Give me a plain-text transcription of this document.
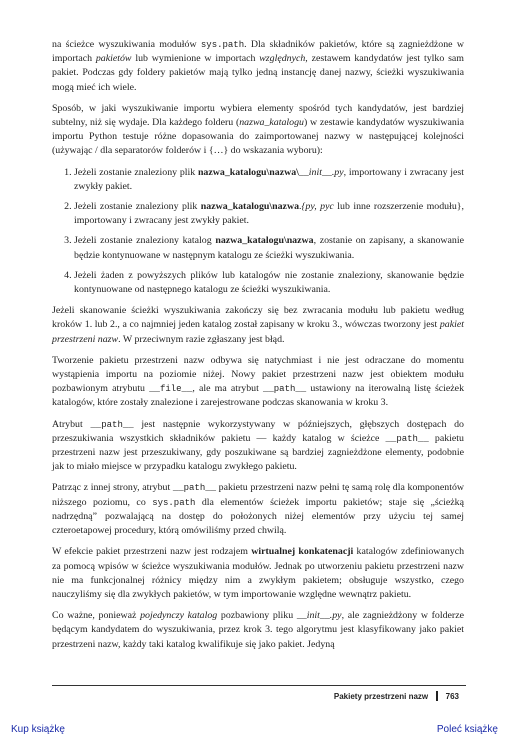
na ścieżce wyszukiwania modułów sys.path. Dla składników pakietów, które są zagnieżdżone w importach pakietów lub wymienione w importach względnych, zestawem kandydatów jest tylko sam pakiet. Podczas gdy foldery pakietów mają tylko jedną instancję danej nazwy, ścieżki wyszukiwania mogą mieć ich wiele.

Sposób, w jaki wyszukiwanie importu wybiera elementy spośród tych kandydatów, jest bardziej subtelny, niż się wydaje. Dla każdego folderu (nazwa_katalogu) w zestawie kandydatów wyszukiwania importu Python testuje różne dopasowania do zaimportowanej nazwy w następującej kolejności (używając / dla separatorów folderów i {…} do wskazania wyboru):

1. Jeżeli zostanie znaleziony plik nazwa_katalogu\nazwa\__init__.py, importowany i zwracany jest zwykły pakiet.
2. Jeżeli zostanie znaleziony plik nazwa_katalogu\nazwa.{py, pyc lub inne rozszerzenie modułu}, importowany i zwracany jest zwykły pakiet.
3. Jeżeli zostanie znaleziony katalog nazwa_katalogu\nazwa, zostanie on zapisany, a skanowanie będzie kontynuowane w następnym katalogu ze ścieżki wyszukiwania.
4. Jeżeli żaden z powyższych plików lub katalogów nie zostanie znaleziony, skanowanie będzie kontynuowane od następnego katalogu ze ścieżki wyszukiwania.

Jeżeli skanowanie ścieżki wyszukiwania zakończy się bez zwracania modułu lub pakietu według kroków 1. lub 2., a co najmniej jeden katalog został zapisany w kroku 3., wówczas tworzony jest pakiet przestrzeni nazw. W przeciwnym razie zgłaszany jest błąd.

Tworzenie pakietu przestrzeni nazw odbywa się natychmiast i nie jest odraczane do momentu wystąpienia importu na poziomie niżej. Nowy pakiet przestrzeni nazw jest obiektem modułu pozbawionym atrybutu __file__, ale ma atrybut __path__ ustawiony na iterowalną listę ścieżek katalogów, które zostały znalezione i zarejestrowane podczas skanowania w kroku 3.

Atrybut __path__ jest następnie wykorzystywany w późniejszych, głębszych dostępach do przeszukiwania wszystkich składników pakietu — każdy katalog w ścieżce __path__ pakietu przestrzeni nazw jest przeszukiwany, gdy poszukiwane są bardziej zagnieżdżone elementy, podobnie jak to miało miejsce w przypadku katalogu zwykłego pakietu.

Patrząc z innej strony, atrybut __path__ pakietu przestrzeni nazw pełni tę samą rolę dla komponentów niższego poziomu, co sys.path dla elementów ścieżek importu pakietów; staje się „ścieżką nadrzędną” pozwalającą na dostęp do położonych niżej elementów przy użyciu tej samej czteroetapowej procedury, którą omówiliśmy przed chwilą.

W efekcie pakiet przestrzeni nazw jest rodzajem wirtualnej konkatenacji katalogów zdefiniowanych za pomocą wpisów w ścieżce wyszukiwania modułów. Jednak po utworzeniu pakietu przestrzeni nazw nie ma funkcjonalnej różnicy między nim a zwykłym pakietem; obsługuje wszystko, czego nauczyliśmy się dla zwykłych pakietów, w tym importowanie względne wewnątrz pakietu.

Co ważne, ponieważ pojedynczy katalog pozbawiony pliku __init__.py, ale zagnieżdżony w folderze będącym kandydatem do wyszukiwania, przez krok 3. tego algorytmu jest klasyfikowany jako pakiet przestrzeni nazw, każdy taki katalog kwalifikuje się jako pakiet. Jedyną

Pakiety przestrzeni nazw 763
Kup książkę	Poleć książkę
